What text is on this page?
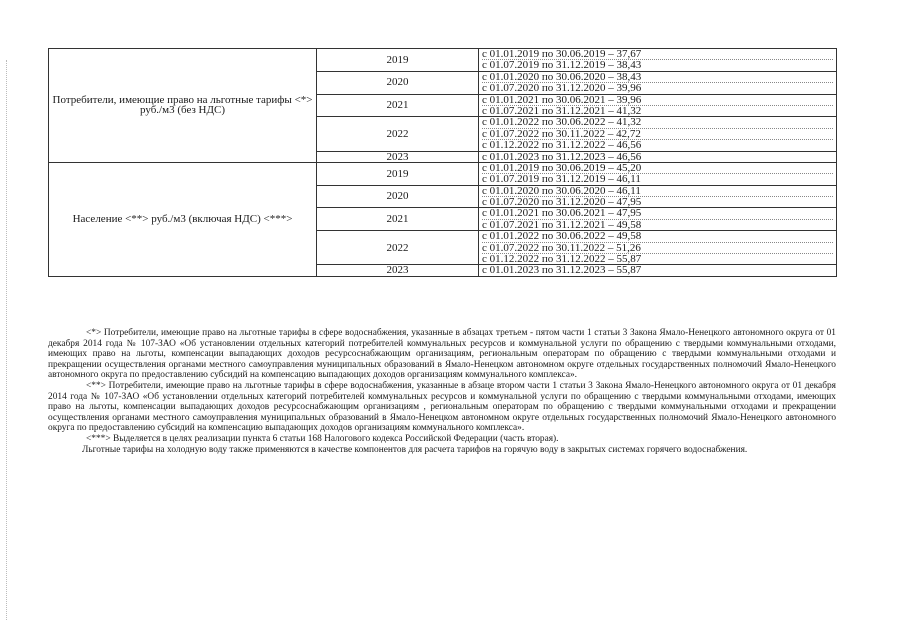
Потребители, имеющие право на льготные тарифы <*> руб./м3 (без НДС)	2019	с 01.01.2019 по 30.06.2019 – 37,67
с 01.07.2019 по 31.12.2019 – 38,43

	2020	с 01.01.2020 по 30.06.2020 – 38,43
с 01.07.2020 по 31.12.2020 – 39,96

	2021	с 01.01.2021 по 30.06.2021 – 39,96
с 01.07.2021 по 31.12.2021 – 41,32

	2022	с 01.01.2022 по 30.06.2022 – 41,32
с 01.07.2022 по 30.11.2022 – 42,72
с 01.12.2022 по 31.12.2022 – 46,56

	2023	с 01.01.2023 по 31.12.2023 – 46,56

Население <**> руб./м3 (включая НДС) <***>	2019	с 01.01.2019 по 30.06.2019 – 45,20
с 01.07.2019 по 31.12.2019 – 46,11

	2020	с 01.01.2020 по 30.06.2020 – 46,11
с 01.07.2020 по 31.12.2020 – 47,95

	2021	с 01.01.2021 по 30.06.2021 – 47,95
с 01.07.2021 по 31.12.2021 – 49,58

	2022	с 01.01.2022 по 30.06.2022 – 49,58
с 01.07.2022 по 30.11.2022 – 51,26
с 01.12.2022 по 31.12.2022 – 55,87

	2023	с 01.01.2023 по 31.12.2023 – 55,87

<*> Потребители, имеющие право на льготные тарифы в сфере водоснабжения, указанные в абзацах третьем - пятом части 1 статьи 3 Закона Ямало-Ненецкого автономного округа от 01 декабря 2014 года № 107-ЗАО «Об установлении отдельных категорий потребителей коммунальных ресурсов и коммунальной услуги по обращению с твердыми коммунальными отходами, имеющих право на льготы, компенсации выпадающих доходов ресурсоснабжающим организациям, региональным операторам по обращению с твердыми коммунальными отходами и прекращении осуществления органами местного самоуправления муниципальных образований в Ямало-Ненецком автономном округе отдельных государственных полномочий Ямало-Ненецкого автономного округа по предоставлению субсидий на компенсацию выпадающих доходов организациям коммунального комплекса».

<**> Потребители, имеющие право на льготные тарифы в сфере водоснабжения, указанные в абзаце втором части 1 статьи 3 Закона Ямало-Ненецкого автономного округа от 01 декабря 2014 года № 107-ЗАО «Об установлении отдельных категорий потребителей коммунальных ресурсов и коммунальной услуги по обращению с твердыми коммунальными отходами, имеющих право на льготы, компенсации выпадающих доходов ресурсоснабжающим организациям , региональным операторам по обращению с твердыми коммунальными отходами и прекращении осуществления органами местного самоуправления муниципальных образований в Ямало-Ненецком автономном округе отдельных государственных полномочий Ямало-Ненецкого автономного округа по предоставлению субсидий на компенсацию выпадающих доходов организациям коммунального комплекса».

<***> Выделяется в целях реализации пункта 6 статьи 168 Налогового кодекса Российской Федерации (часть вторая).

Льготные тарифы на холодную воду также применяются в качестве компонентов для расчета тарифов на горячую воду в закрытых системах горячего водоснабжения.
